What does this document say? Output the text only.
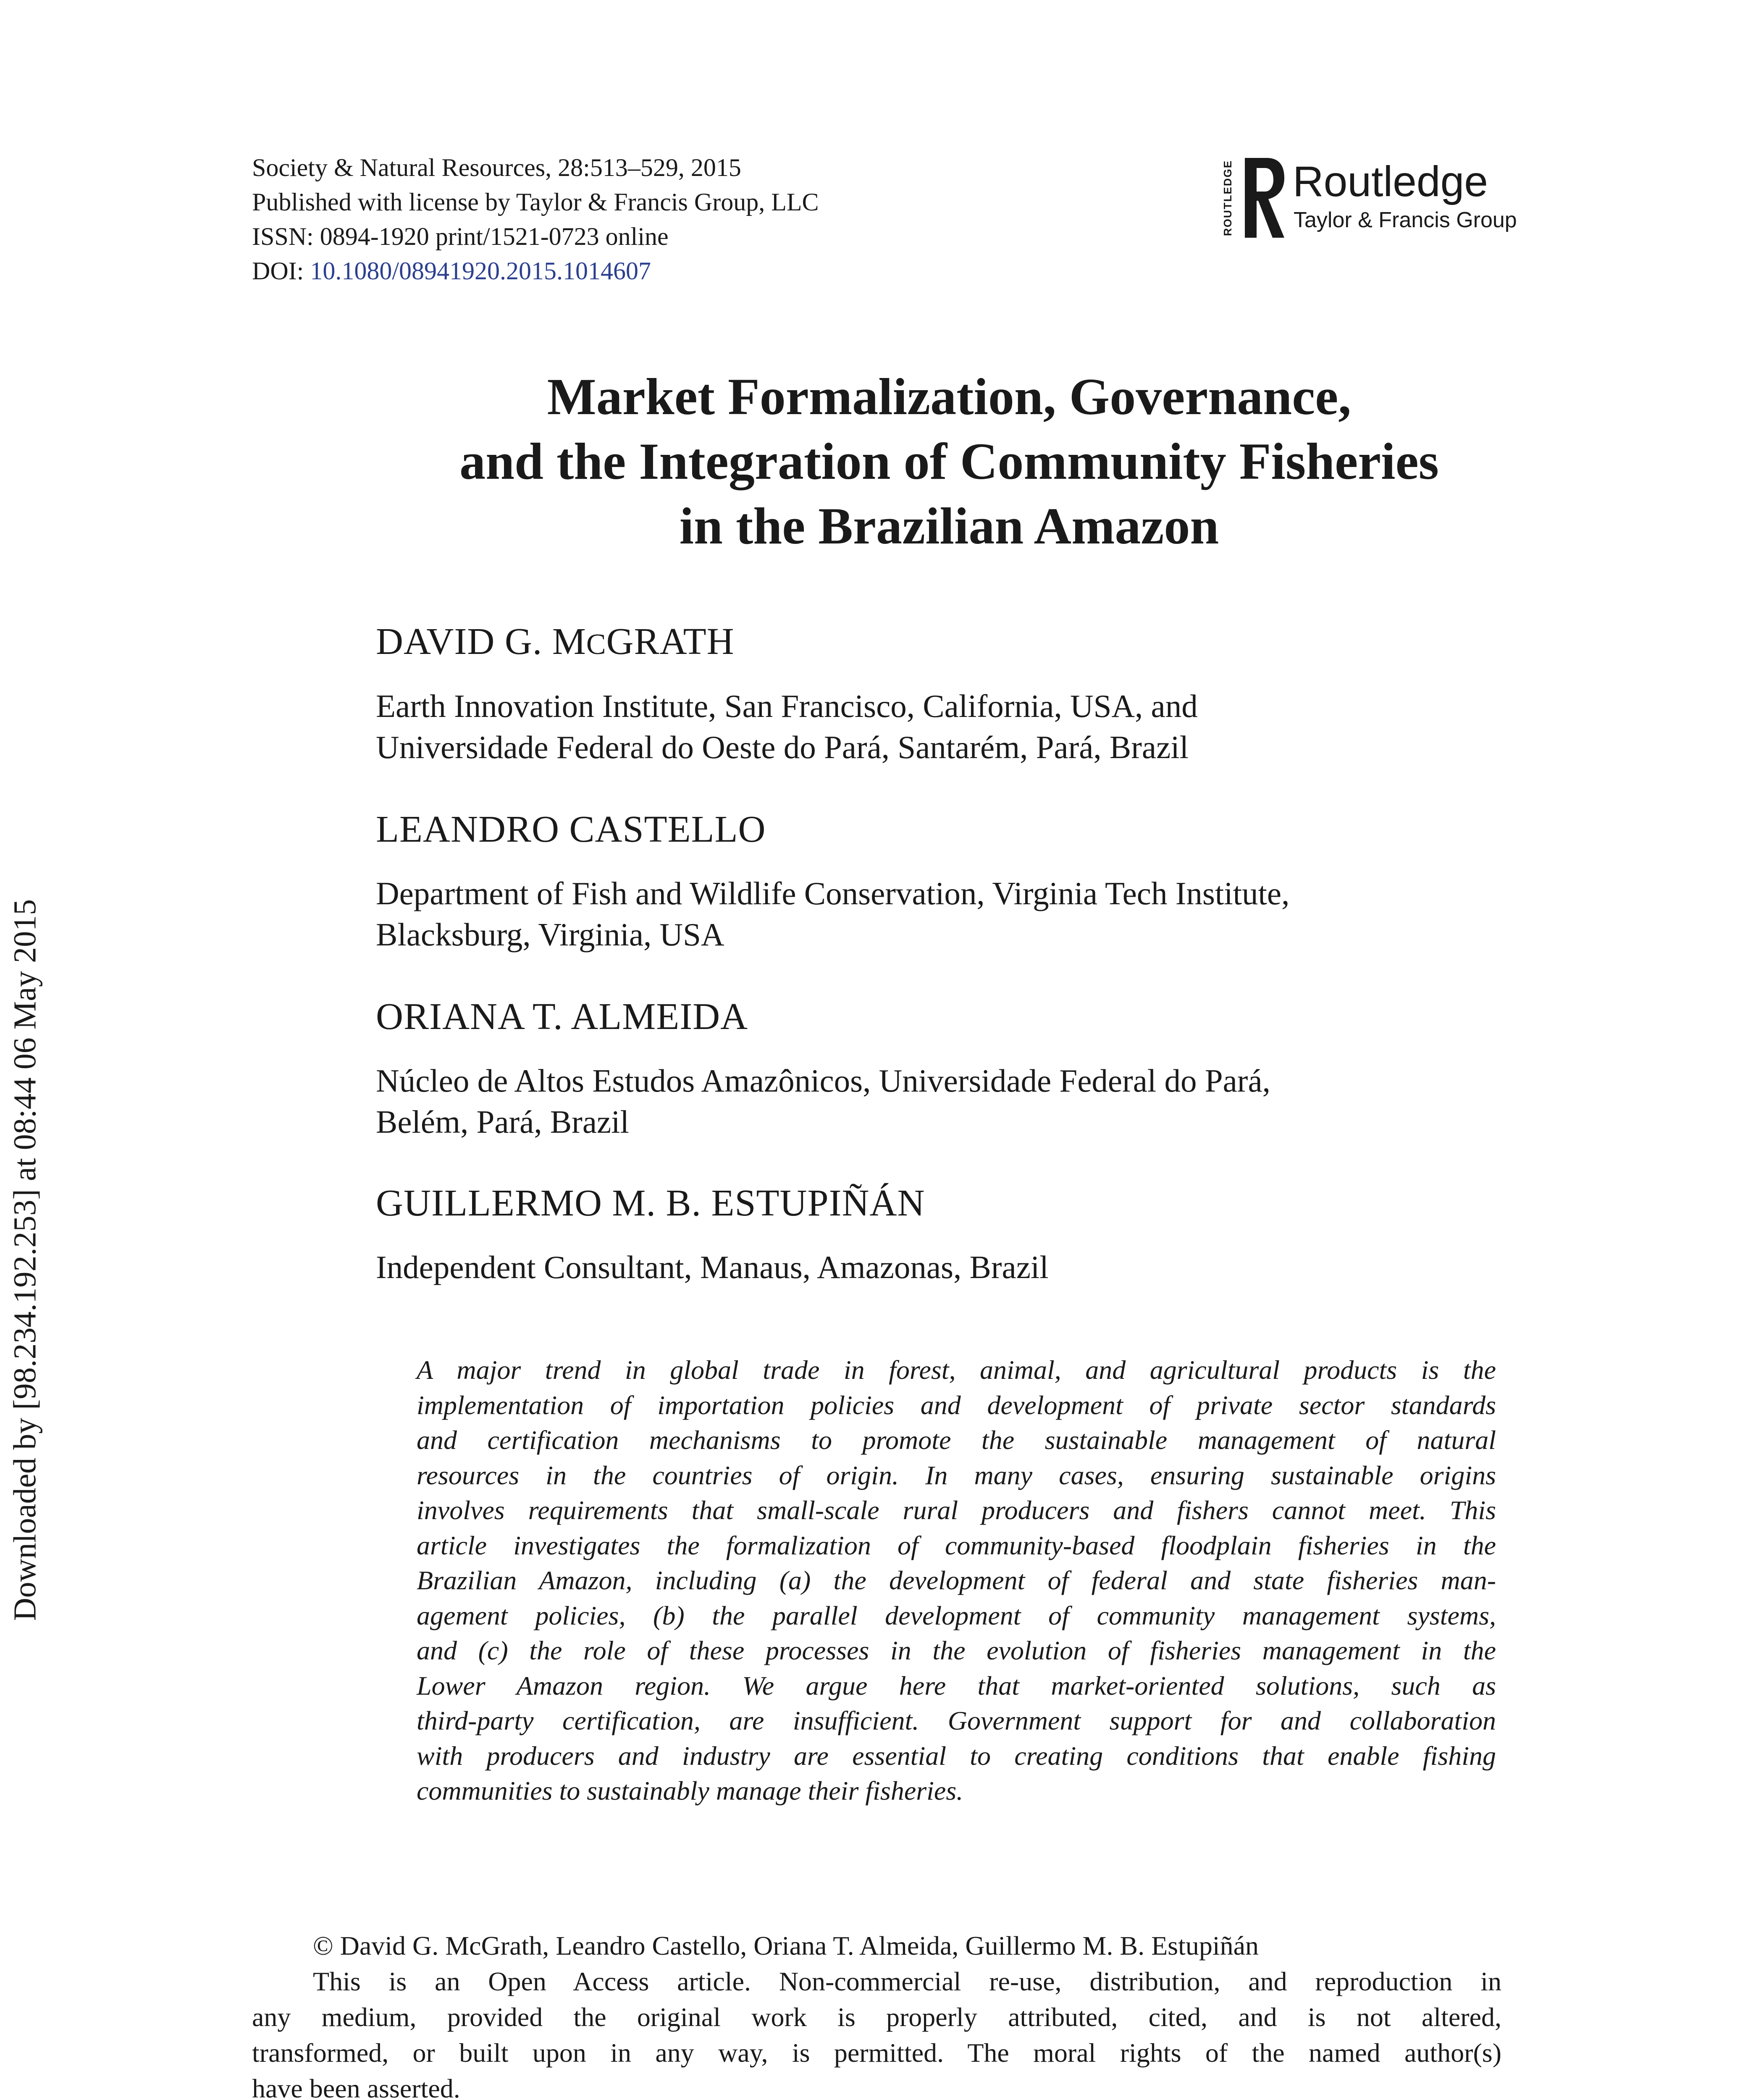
Downloaded by [98.234.192.253] at 08:44 06 May 2015
Society & Natural Resources, 28:513–529, 2015
Published with license by Taylor & Francis Group, LLC
ISSN: 0894-1920 print/1521-0723 online
DOI: 10.1080/08941920.2015.1014607
ROUTLEDGE Routledge
Taylor & Francis Group
Market Formalization, Governance,
and the Integration of Community Fisheries
in the Brazilian Amazon
DAVID G. MCGRATH
Earth Innovation Institute, San Francisco, California, USA, and
Universidade Federal do Oeste do Pará, Santarém, Pará, Brazil
LEANDRO CASTELLO
Department of Fish and Wildlife Conservation, Virginia Tech Institute,
Blacksburg, Virginia, USA
ORIANA T. ALMEIDA
Núcleo de Altos Estudos Amazônicos, Universidade Federal do Pará,
Belém, Pará, Brazil
GUILLERMO M. B. ESTUPIÑÁN
Independent Consultant, Manaus, Amazonas, Brazil
A major trend in global trade in forest, animal, and agricultural products is the
implementation of importation policies and development of private sector standards
and certification mechanisms to promote the sustainable management of natural
resources in the countries of origin. In many cases, ensuring sustainable origins
involves requirements that small-scale rural producers and fishers cannot meet. This
article investigates the formalization of community-based floodplain fisheries in the
Brazilian Amazon, including (a) the development of federal and state fisheries man-
agement policies, (b) the parallel development of community management systems,
and (c) the role of these processes in the evolution of fisheries management in the
Lower Amazon region. We argue here that market-oriented solutions, such as
third-party certification, are insufficient. Government support for and collaboration
with producers and industry are essential to creating conditions that enable fishing
communities to sustainably manage their fisheries.
© David G. McGrath, Leandro Castello, Oriana T. Almeida, Guillermo M. B. Estupiñán
This is an Open Access article. Non-commercial re-use, distribution, and reproduction in
any medium, provided the original work is properly attributed, cited, and is not altered,
transformed, or built upon in any way, is permitted. The moral rights of the named author(s)
have been asserted.
